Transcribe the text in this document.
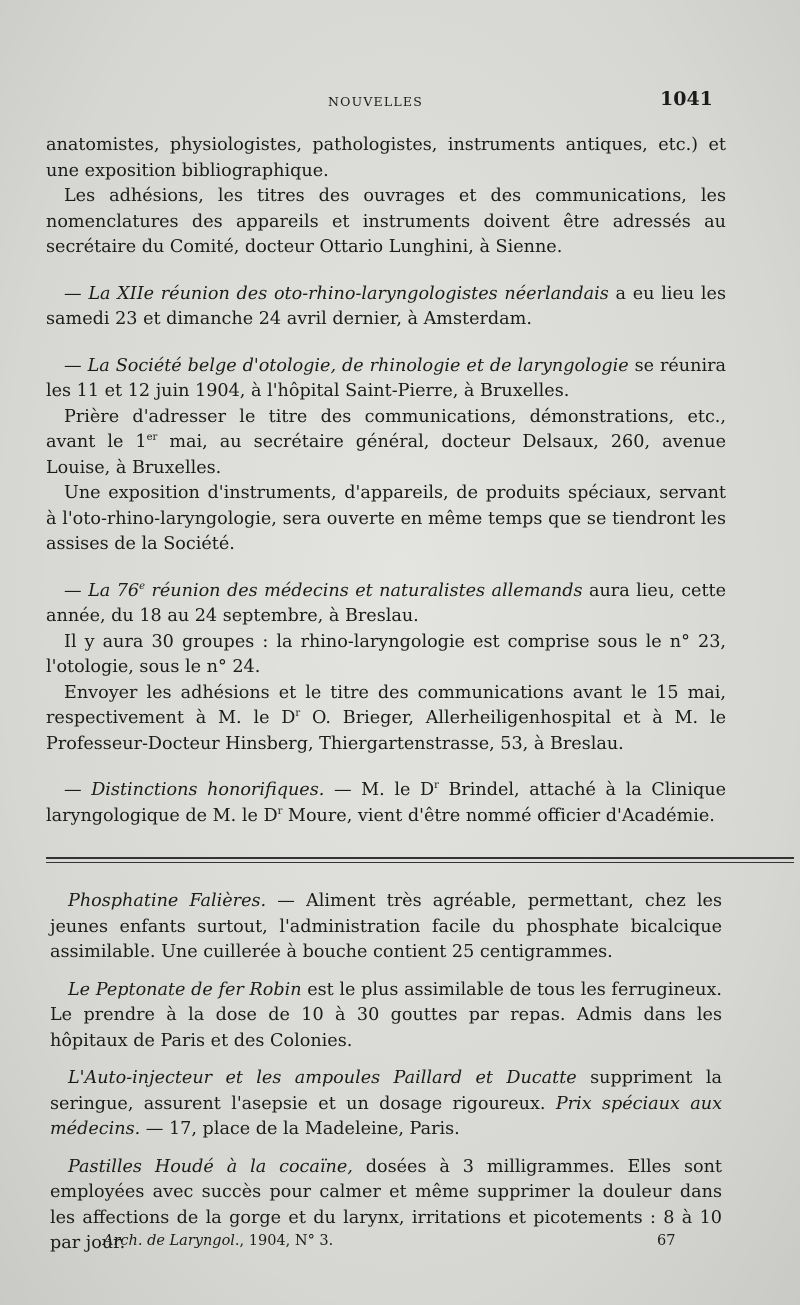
NOUVELLES	1041

anatomistes, physiologistes, pathologistes, instruments antiques, etc.) et une exposition bibliographique.

Les adhésions, les titres des ouvrages et des communications, les nomenclatures des appareils et instruments doivent être adressés au secrétaire du Comité, docteur Ottario Lunghini, à Sienne.

— La XIIe réunion des oto-rhino-laryngologistes néerlandais a eu lieu les samedi 23 et dimanche 24 avril dernier, à Amsterdam.

— La Société belge d'otologie, de rhinologie et de laryngologie se réunira les 11 et 12 juin 1904, à l'hôpital Saint-Pierre, à Bruxelles.

Prière d'adresser le titre des communications, démonstrations, etc., avant le 1er mai, au secrétaire général, docteur Delsaux, 260, avenue Louise, à Bruxelles.

Une exposition d'instruments, d'appareils, de produits spéciaux, servant à l'oto-rhino-laryngologie, sera ouverte en même temps que se tiendront les assises de la Société.

— La 76e réunion des médecins et naturalistes allemands aura lieu, cette année, du 18 au 24 septembre, à Breslau.

Il y aura 30 groupes : la rhino-laryngologie est comprise sous le n° 23, l'otologie, sous le n° 24.

Envoyer les adhésions et le titre des communications avant le 15 mai, respectivement à M. le $D^r$ O. Brieger, Allerheiligenhospital et à M. le Professeur-Docteur Hinsberg, Thiergartenstrasse, 53, à Breslau.

— Distinctions honorifiques. — M. le $D^r$ Brindel, attaché à la Clinique laryngologique de M. le $D^r$ Moure, vient d'être nommé officier d'Académie.

Phosphatine Falières. — Aliment très agréable, permettant, chez les jeunes enfants surtout, l'administration facile du phosphate bicalcique assimilable. Une cuillerée à bouche contient 25 centigrammes.

Le Peptonate de fer Robin est le plus assimilable de tous les ferrugineux. Le prendre à la dose de 10 à 30 gouttes par repas. Admis dans les hôpitaux de Paris et des Colonies.

L'Auto-injecteur et les ampoules Paillard et Ducatte suppriment la seringue, assurent l'asepsie et un dosage rigoureux. Prix spéciaux aux médecins. — 17, place de la Madeleine, Paris.

Pastilles Houdé à la cocaïne, dosées à 3 milligrammes. Elles sont employées avec succès pour calmer et même supprimer la douleur dans les affections de la gorge et du larynx, irritations et picotements : 8 à 10 par jour.

Arch. de Laryngol., 1904, N° 3.	67
